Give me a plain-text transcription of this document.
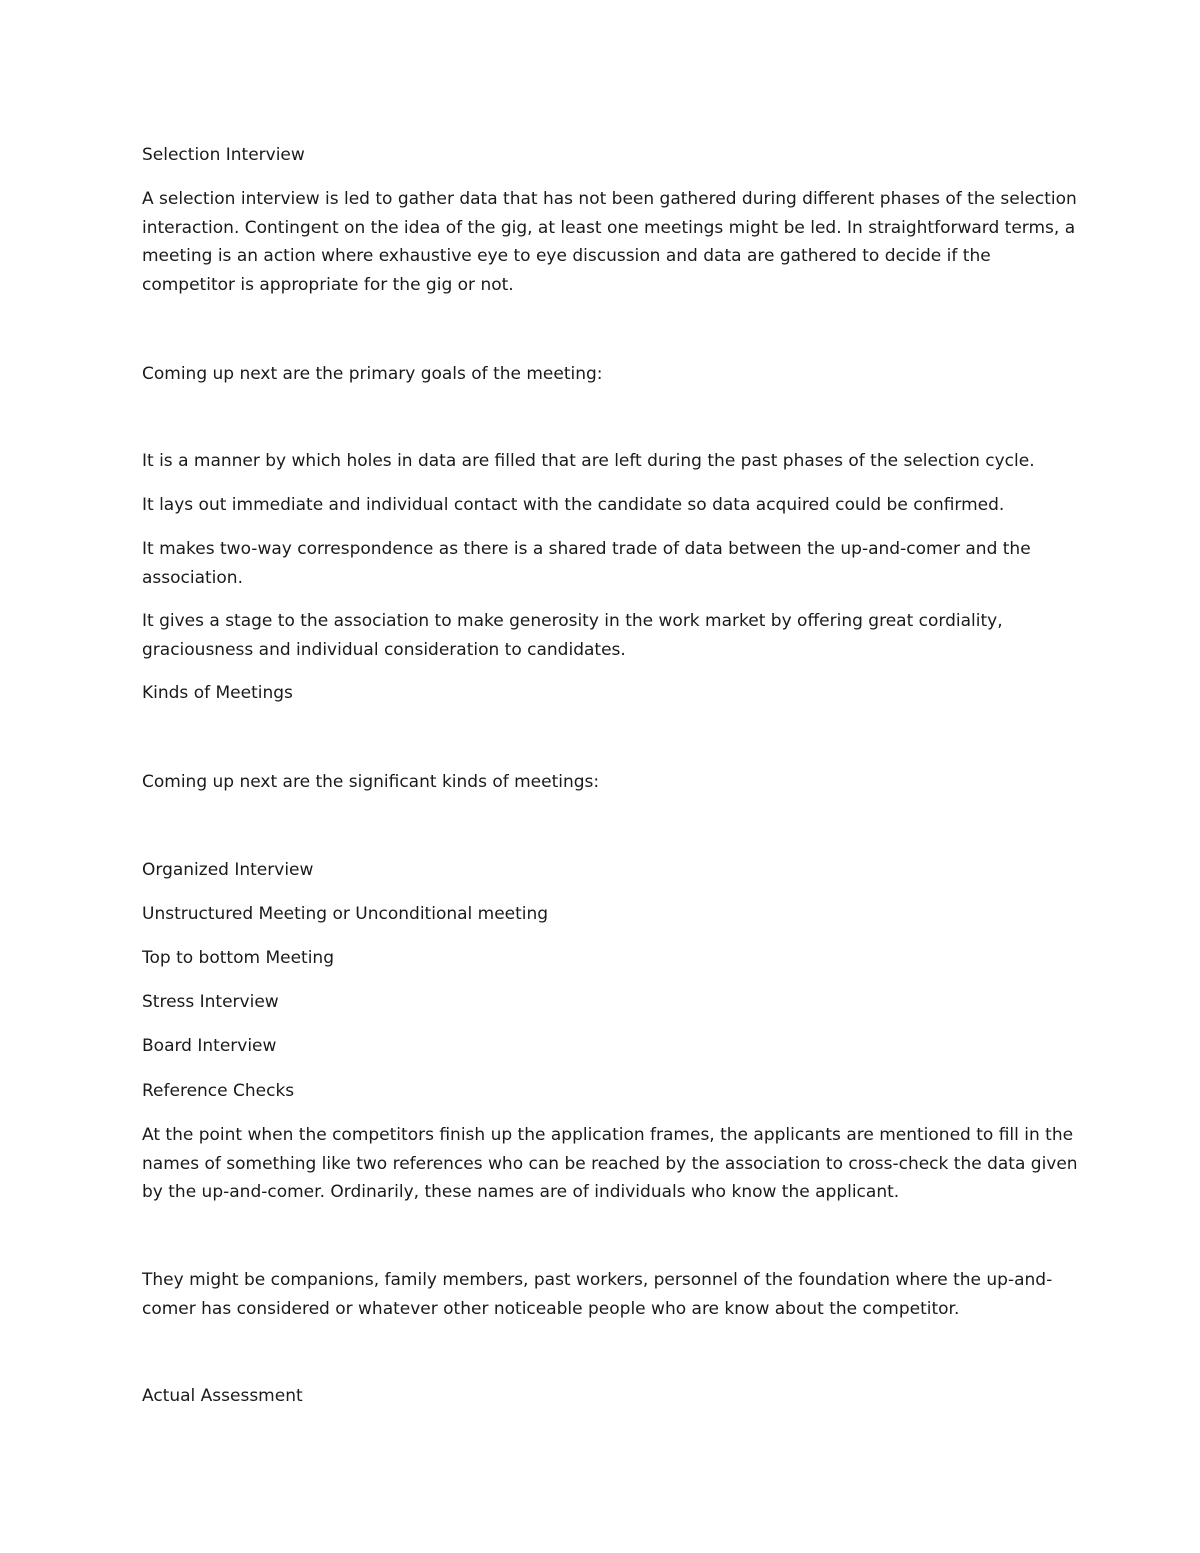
Selection Interview

A selection interview is led to gather data that has not been gathered during different phases of the selection interaction. Contingent on the idea of the gig, at least one meetings might be led. In straightforward terms, a meeting is an action where exhaustive eye to eye discussion and data are gathered to decide if the competitor is appropriate for the gig or not.

Coming up next are the primary goals of the meeting:

It is a manner by which holes in data are filled that are left during the past phases of the selection cycle.

It lays out immediate and individual contact with the candidate so data acquired could be confirmed.

It makes two-way correspondence as there is a shared trade of data between the up-and-comer and the association.

It gives a stage to the association to make generosity in the work market by offering great cordiality, graciousness and individual consideration to candidates.

Kinds of Meetings

Coming up next are the significant kinds of meetings:

Organized Interview

Unstructured Meeting or Unconditional meeting

Top to bottom Meeting

Stress Interview

Board Interview

Reference Checks

At the point when the competitors finish up the application frames, the applicants are mentioned to fill in the names of something like two references who can be reached by the association to cross-check the data given by the up-and-comer. Ordinarily, these names are of individuals who know the applicant.

They might be companions, family members, past workers, personnel of the foundation where the up-and-comer has considered or whatever other noticeable people who are know about the competitor.

Actual Assessment
